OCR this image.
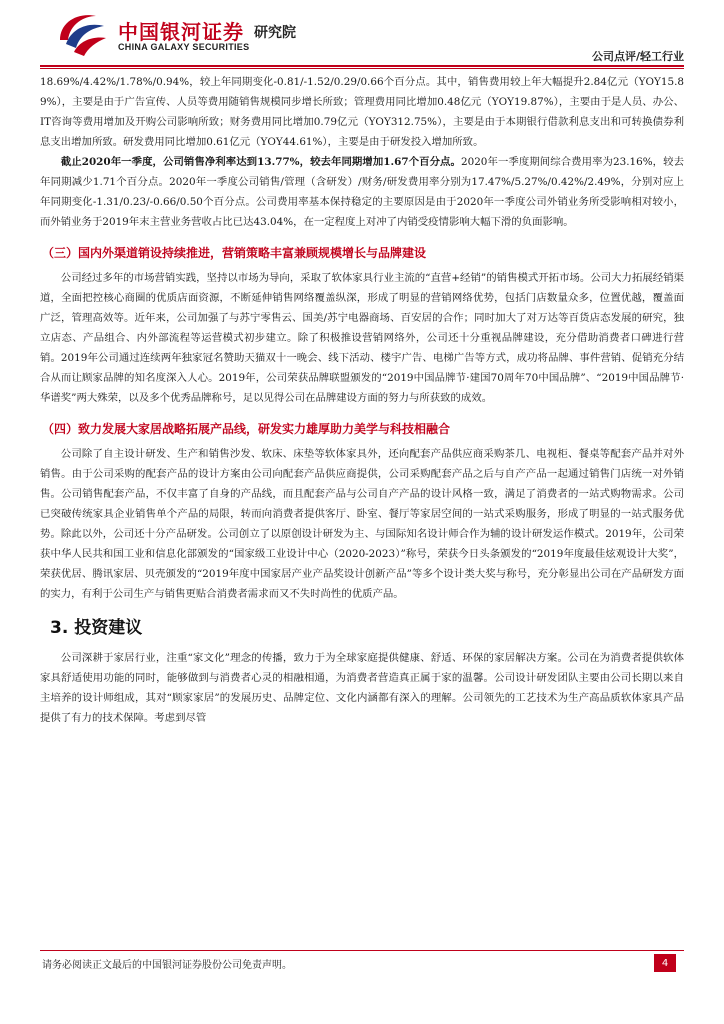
中国银河证券
CHINA GALAXY SECURITIES
研究院
公司点评/轻工行业

18.69%/4.42%/1.78%/0.94%，较上年同期变化-0.81/-1.52/0.29/0.66个百分点。其中，销售费用较上年大幅提升2.84亿元（YOY15.89%），主要是由于广告宣传、人员等费用随销售规模同步增长所致；管理费用同比增加0.48亿元（YOY19.87%），主要由于是人员、办公、IT咨询等费用增加及开购公司影响所致；财务费用同比增加0.79亿元（YOY312.75%），主要是由于本期银行借款利息支出和可转换债券利息支出增加所致。研发费用同比增加0.61亿元（YOY44.61%），主要是由于研发投入增加所致。

截止2020年一季度，公司销售净利率达到13.77%，较去年同期增加1.67个百分点。2020年一季度期间综合费用率为23.16%，较去年同期减少1.71个百分点。2020年一季度公司销售/管理（含研发）/财务/研发费用率分别为17.47%/5.27%/0.42%/2.49%，分别对应上年同期变化-1.31/0.23/-0.66/0.50个百分点。公司费用率基本保持稳定的主要原因是由于2020年一季度公司外销业务所受影响相对较小，而外销业务于2019年末主营业务营收占比已达43.04%，在一定程度上对冲了内销受疫情影响大幅下滑的负面影响。

（三）国内外渠道销设持续推进，营销策略丰富兼顾规模增长与品牌建设

公司经过多年的市场营销实践，坚持以市场为导向，采取了软体家具行业主流的“直营+经销”的销售模式开拓市场。公司大力拓展经销渠道，全面把控核心商圈的优质店面资源，不断延伸销售网络覆盖纵深，形成了明显的营销网络优势，包括门店数量众多，位置优越，覆盖面广泛，管理高效等。近年来，公司加强了与苏宁零售云、国美/苏宁电器商场、百安居的合作；同时加大了对万达等百货店态发展的研究，独立店态、产品组合、内外部流程等运营模式初步建立。除了积极推设营销网络外，公司还十分重视品牌建设，充分借助消费者口碑进行营销。2019年公司通过连续两年独家冠名赞助天猫双十一晚会、线下活动、楼宇广告、电梯广告等方式，成功将品牌、事件营销、促销充分结合从而让顾家品牌的知名度深入人心。2019年，公司荣获品牌联盟颁发的“2019中国品牌节·建国70周年70中国品牌”、“2019中国品牌节·华谱奖”两大殊荣，以及多个优秀品牌称号，足以见得公司在品牌建设方面的努力与所获致的成效。

（四）致力发展大家居战略拓展产品线，研发实力雄厚助力美学与科技相融合

公司除了自主设计研发、生产和销售沙发、软床、床垫等软体家具外，还向配套产品供应商采购茶几、电视柜、餐桌等配套产品并对外销售。由于公司采购的配套产品的设计方案由公司向配套产品供应商提供，公司采购配套产品之后与自产产品一起通过销售门店统一对外销售。公司销售配套产品，不仅丰富了自身的产品线，而且配套产品与公司自产产品的设计风格一致，满足了消费者的一站式购物需求。公司已突破传统家具企业销售单个产品的局限，转而向消费者提供客厅、卧室、餐厅等家居空间的一站式采购服务，形成了明显的一站式服务优势。除此以外，公司还十分产品研发。公司创立了以原创设计研发为主、与国际知名设计师合作为辅的设计研发运作模式。2019年，公司荣获中华人民共和国工业和信息化部颁发的“国家级工业设计中心（2020-2023）”称号，荣获今日头条颁发的“2019年度最佳炫观设计大奖”，荣获优居、腾讯家居、贝壳颁发的“2019年度中国家居产业产品奖设计创新产品”等多个设计类大奖与称号，充分彰显出公司在产品研发方面的实力，有利于公司生产与销售更贴合消费者需求而又不失时尚性的优质产品。

3. 投资建议

公司深耕于家居行业，注重“家文化”理念的传播，致力于为全球家庭提供健康、舒适、环保的家居解决方案。公司在为消费者提供软体家具舒适使用功能的同时，能够做到与消费者心灵的相融相通，为消费者营造真正属于家的温馨。公司设计研发团队主要由公司长期以来自主培养的设计师组成，其对“顾家家居”的发展历史、品牌定位、文化内涵都有深入的理解。公司领先的工艺技术为生产高品质软体家具产品提供了有力的技术保障。考虑到尽管

请务必阅读正文最后的中国银河证券股份公司免责声明。	4
